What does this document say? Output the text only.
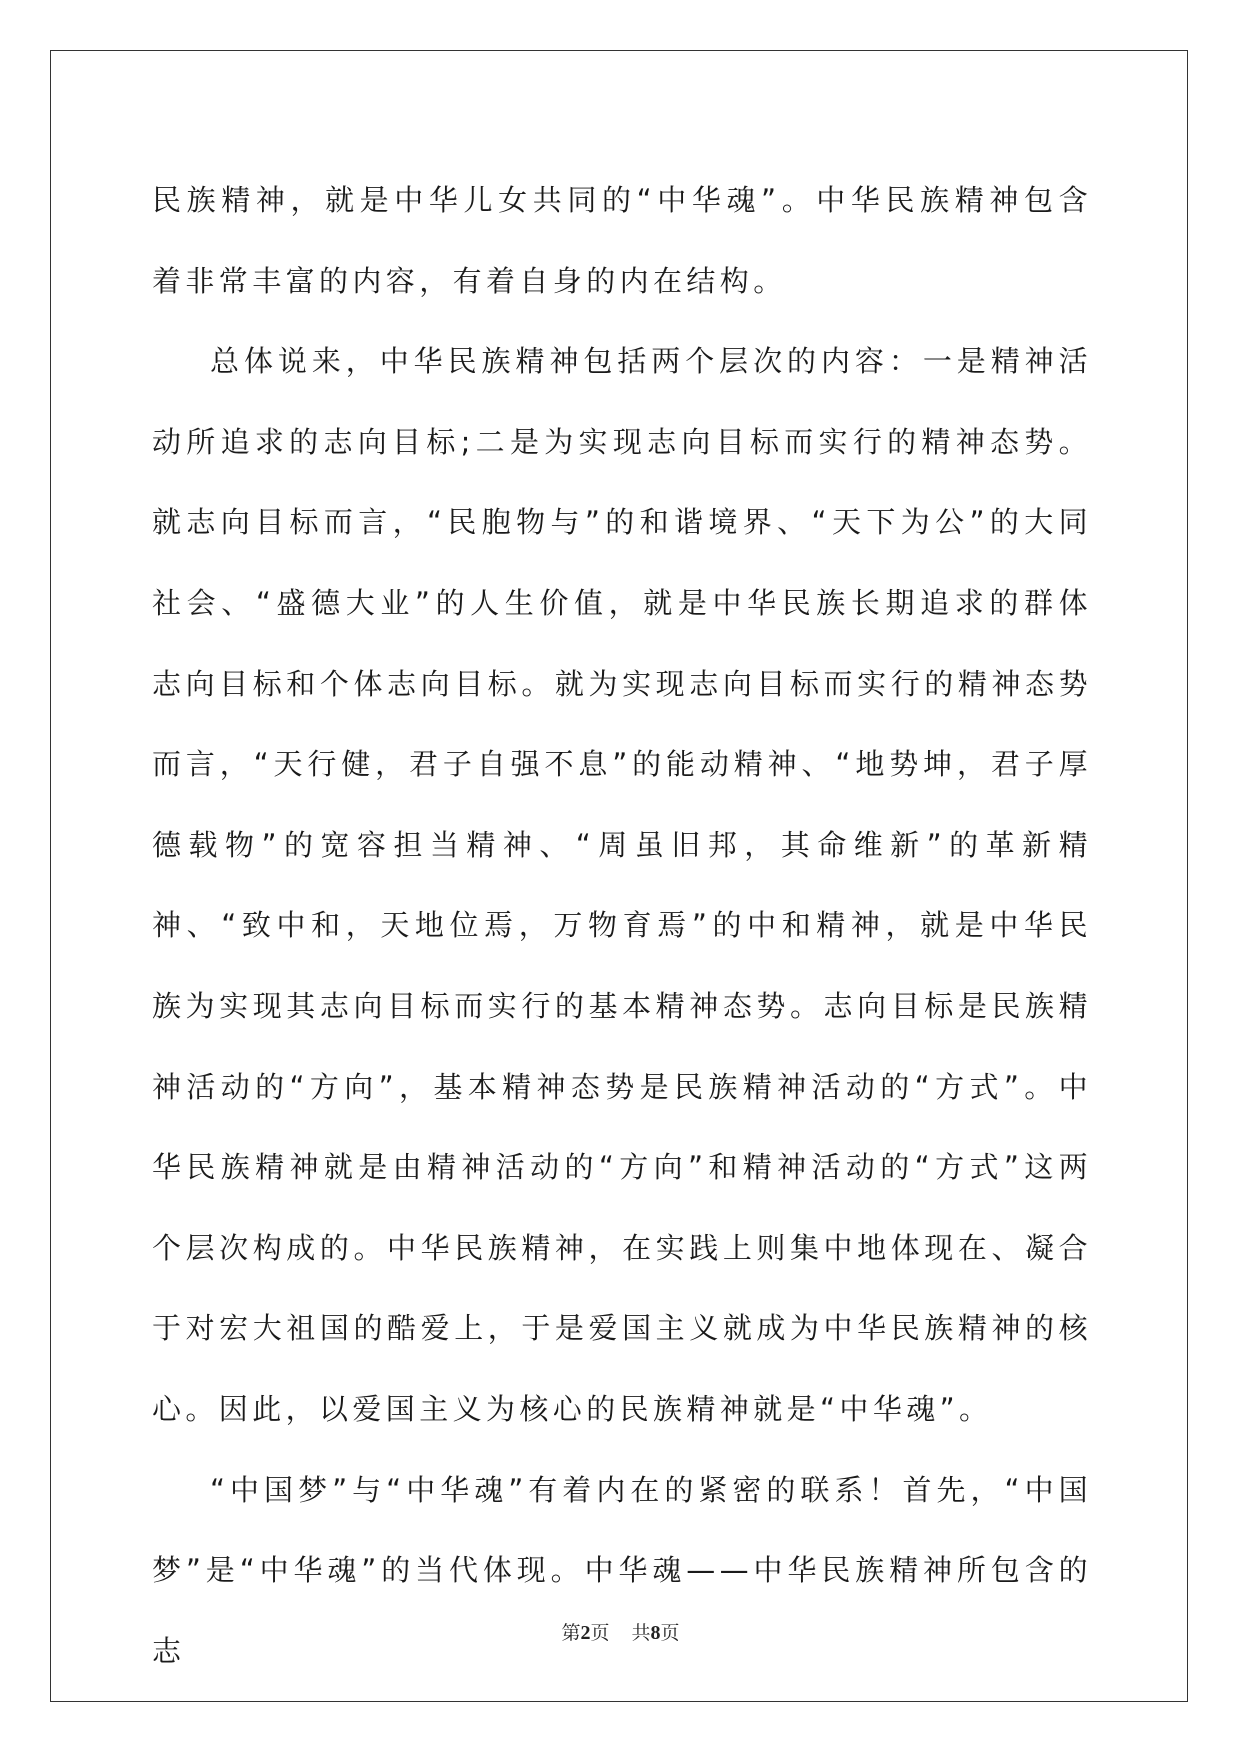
民族精神，就是中华儿女共同的“中华魂”。中华民族精神包含着非常丰富的内容，有着自身的内在结构。

总体说来，中华民族精神包括两个层次的内容：一是精神活动所追求的志向目标;二是为实现志向目标而实行的精神态势。就志向目标而言，“民胞物与”的和谐境界、“天下为公”的大同社会、“盛德大业”的人生价值，就是中华民族长期追求的群体志向目标和个体志向目标。就为实现志向目标而实行的精神态势而言，“天行健，君子自强不息”的能动精神、“地势坤，君子厚德载物”的宽容担当精神、“周虽旧邦，其命维新”的革新精神、“致中和，天地位焉，万物育焉”的中和精神，就是中华民族为实现其志向目标而实行的基本精神态势。志向目标是民族精神活动的“方向”，基本精神态势是民族精神活动的“方式”。中华民族精神就是由精神活动的“方向”和精神活动的“方式”这两个层次构成的。中华民族精神，在实践上则集中地体现在、凝合于对宏大祖国的酷爱上，于是爱国主义就成为中华民族精神的核心。因此，以爱国主义为核心的民族精神就是“中华魂”。

“中国梦”与“中华魂”有着内在的紧密的联系！首先，“中国梦”是“中华魂”的当代体现。中华魂——中华民族精神所包含的志

第2页 共8页
